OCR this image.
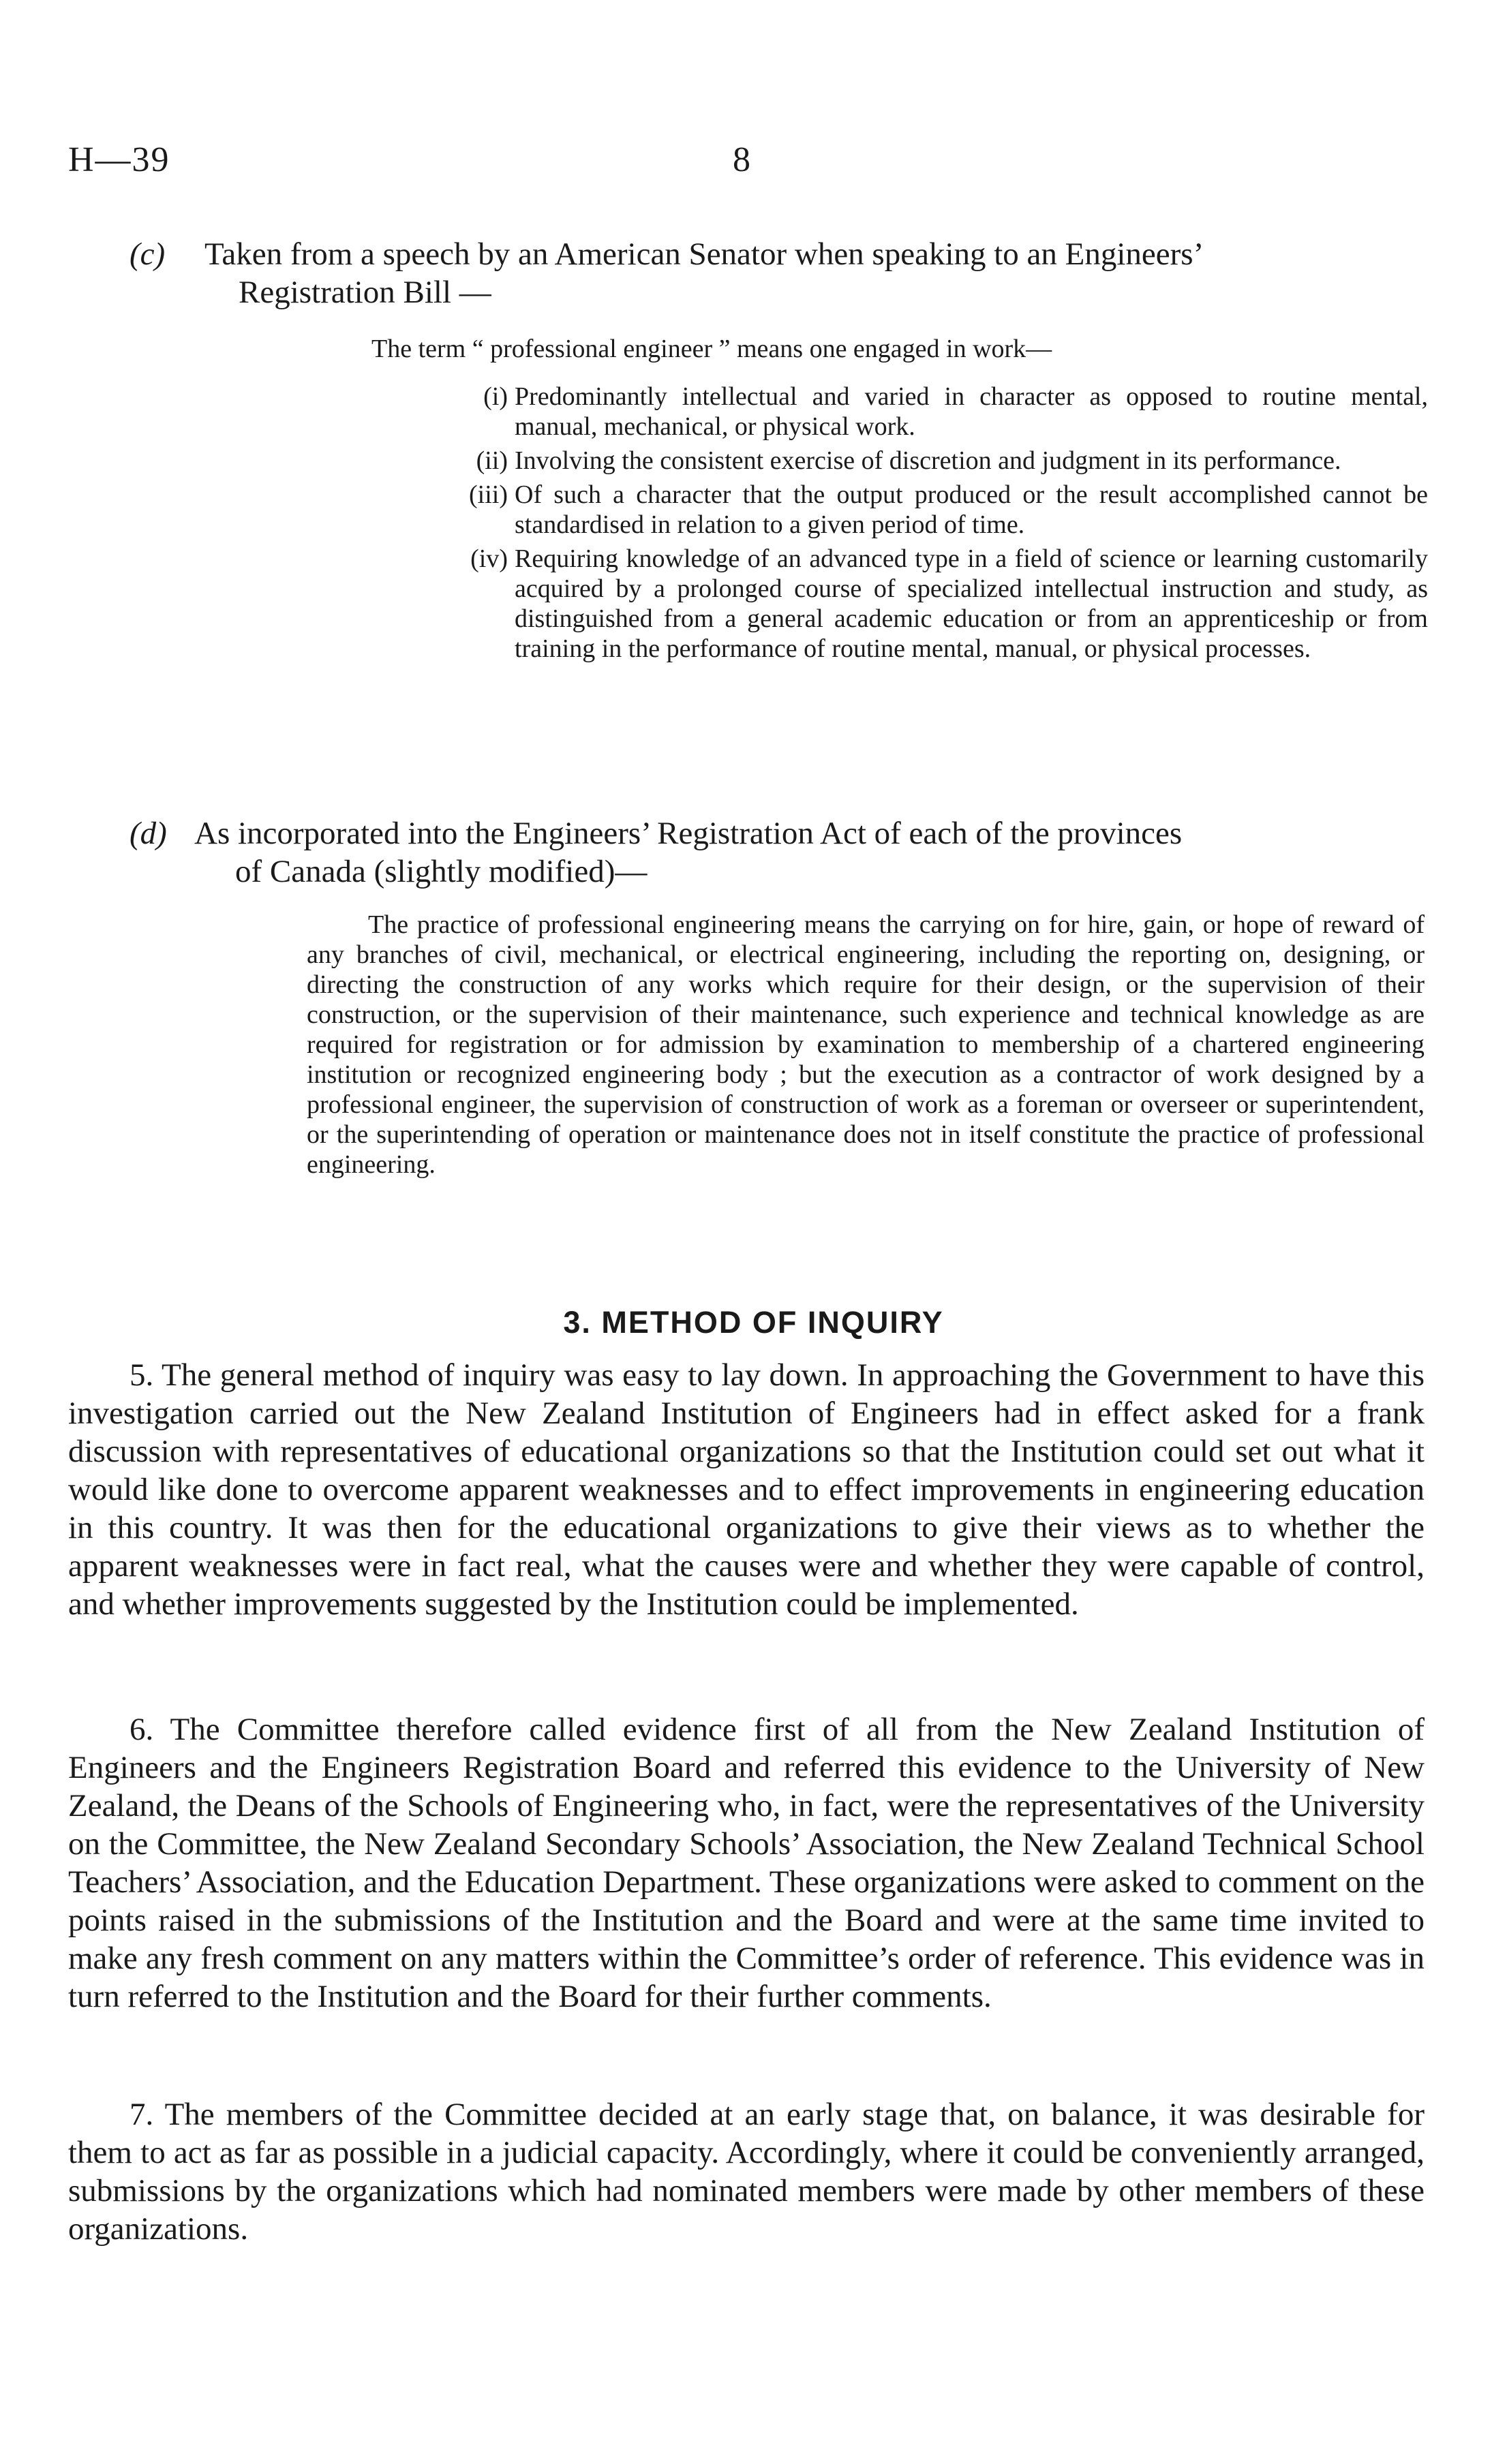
H—39	8
(c) Taken from a speech by an American Senator when speaking to an Engineers’
Registration Bill —
The term “ professional engineer ” means one engaged in work—
(i) Predominantly intellectual and varied in character as opposed to routine mental, manual, mechanical, or physical work.
(ii) Involving the consistent exercise of discretion and judgment in its performance.
(iii) Of such a character that the output produced or the result accomplished cannot be standardised in relation to a given period of time.
(iv) Requiring knowledge of an advanced type in a field of science or learning customarily acquired by a prolonged course of specialized intellectual instruction and study, as distinguished from a general academic education or from an apprenticeship or from training in the performance of routine mental, manual, or physical processes.
(d) As incorporated into the Engineers’ Registration Act of each of the provinces
of Canada (slightly modified)—
The practice of professional engineering means the carrying on for hire, gain, or hope of reward of any branches of civil, mechanical, or electrical engineering, including the reporting on, designing, or directing the construction of any works which require for their design, or the supervision of their construction, or the supervision of their maintenance, such experience and technical knowledge as are required for registration or for admission by examination to membership of a chartered engineering institution or recognized engineering body ; but the execution as a contractor of work designed by a professional engineer, the supervision of construction of work as a foreman or overseer or superintendent, or the superintending of operation or maintenance does not in itself constitute the practice of professional engineering.
3. METHOD OF INQUIRY
5. The general method of inquiry was easy to lay down. In approaching the Government to have this investigation carried out the New Zealand Institution of Engineers had in effect asked for a frank discussion with representatives of educational organizations so that the Institution could set out what it would like done to overcome apparent weaknesses and to effect improvements in engineering education in this country. It was then for the educational organizations to give their views as to whether the apparent weaknesses were in fact real, what the causes were and whether they were capable of control, and whether improvements suggested by the Institution could be implemented.
6. The Committee therefore called evidence first of all from the New Zealand Institution of Engineers and the Engineers Registration Board and referred this evidence to the University of New Zealand, the Deans of the Schools of Engineering who, in fact, were the representatives of the University on the Committee, the New Zealand Secondary Schools’ Association, the New Zealand Technical School Teachers’ Association, and the Education Department. These organizations were asked to comment on the points raised in the submissions of the Institution and the Board and were at the same time invited to make any fresh comment on any matters within the Committee’s order of reference. This evidence was in turn referred to the Institution and the Board for their further comments.
7. The members of the Committee decided at an early stage that, on balance, it was desirable for them to act as far as possible in a judicial capacity. Accordingly, where it could be conveniently arranged, submissions by the organizations which had nominated members were made by other members of these organizations.
